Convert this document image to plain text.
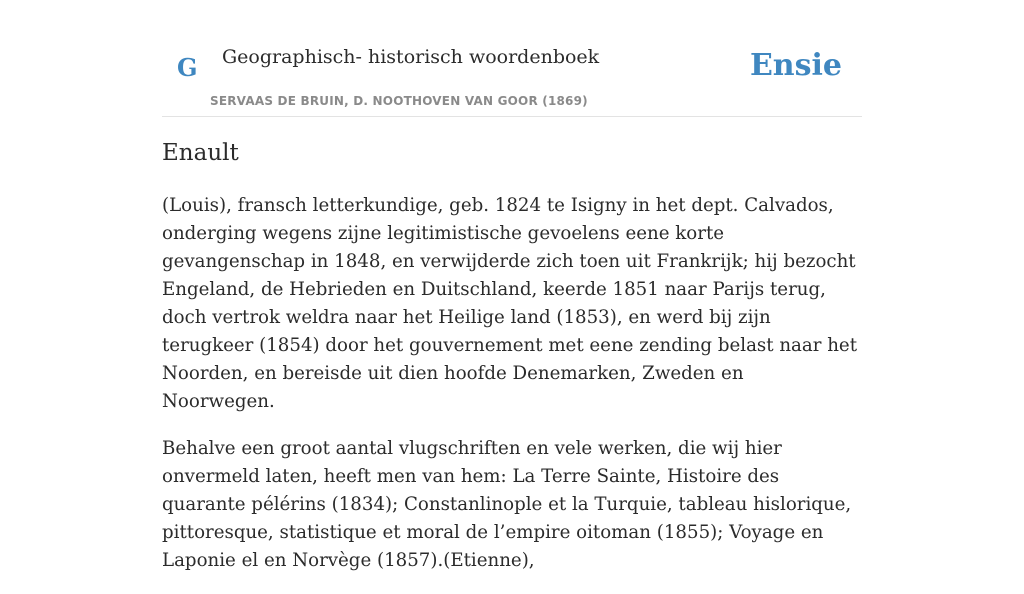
G Geographisch- historisch woordenboek
SERVAAS DE BRUIN, D. NOOTHOVEN VAN GOOR (1869)
Ensie
Enault

(Louis), fransch letterkundige, geb. 1824 te Isigny in het dept. Calvados, onderging wegens zijne legitimistische gevoelens eene korte gevangenschap in 1848, en verwijderde zich toen uit Frankrijk; hij bezocht Engeland, de Hebrieden en Duitschland, keerde 1851 naar Parijs terug, doch vertrok weldra naar het Heilige land (1853), en werd bij zijn terugkeer (1854) door het gouvernement met eene zending belast naar het Noorden, en bereisde uit dien hoofde Denemarken, Zweden en Noorwegen.

Behalve een groot aantal vlugschriften en vele werken, die wij hier onvermeld laten, heeft men van hem: La Terre Sainte, Histoire des quarante pélérins (1834); Constanlinople et la Turquie, tableau hislorique, pittoresque, statistique et moral de l’empire oitoman (1855); Voyage en Laponie el en Norvège (1857).(Etienne),
